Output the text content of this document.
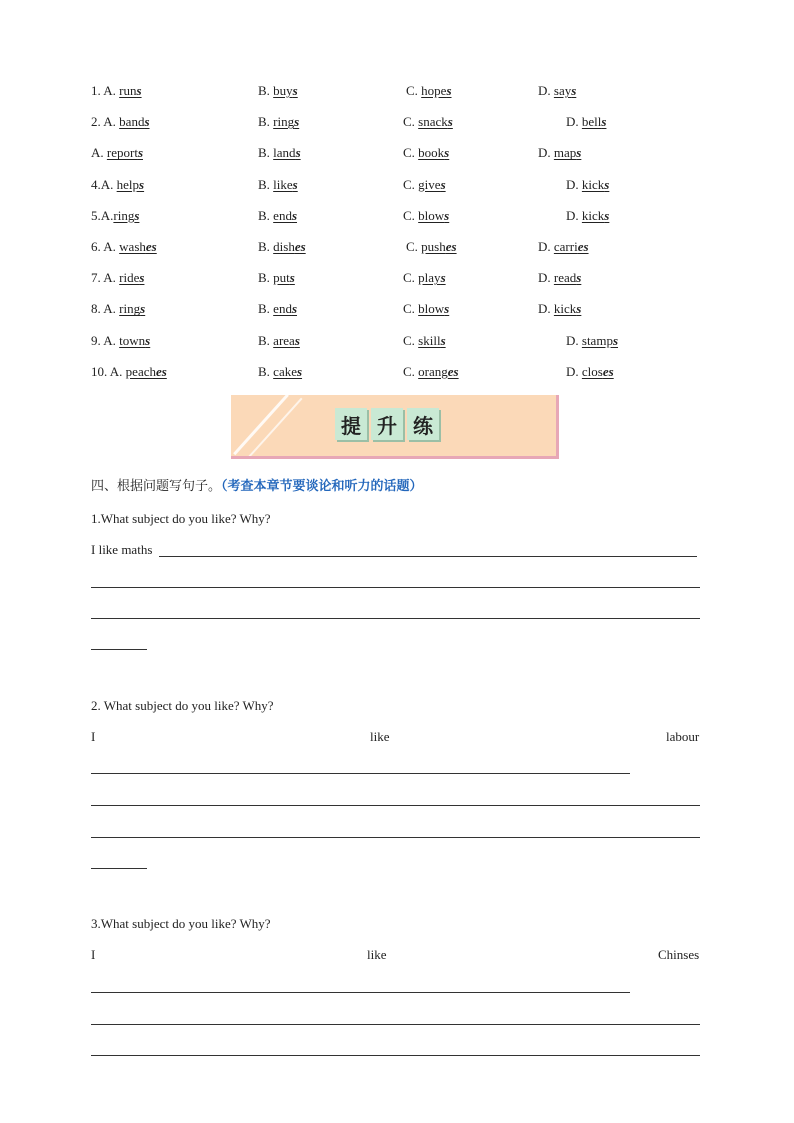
1. A. runs	B. buys	C. hopes	D. says
2. A. bands	B. rings	C. snacks	D. bells
A. reports	B. lands	C. books	D. maps
4.A. helps	B. likes	C. gives	D. kicks
5.A.rings	B. ends	C. blows	D. kicks
6. A. washes	B. dishes	C. pushes	D. carries
7. A. rides	B. puts	C. plays	D. reads
8. A. rings	B. ends	C. blows	D. kicks
9. A. towns	B. areas	C. skills	D. stamps
10. A. peaches	B. cakes	C. oranges	D. closes
提 升 练
四、根据问题写句子。（考查本章节要谈论和听力的话题）
1.What subject do you like? Why?
I like maths
2. What subject do you like? Why?
I	like	labour
3.What subject do you like? Why?
I	like	Chinses
